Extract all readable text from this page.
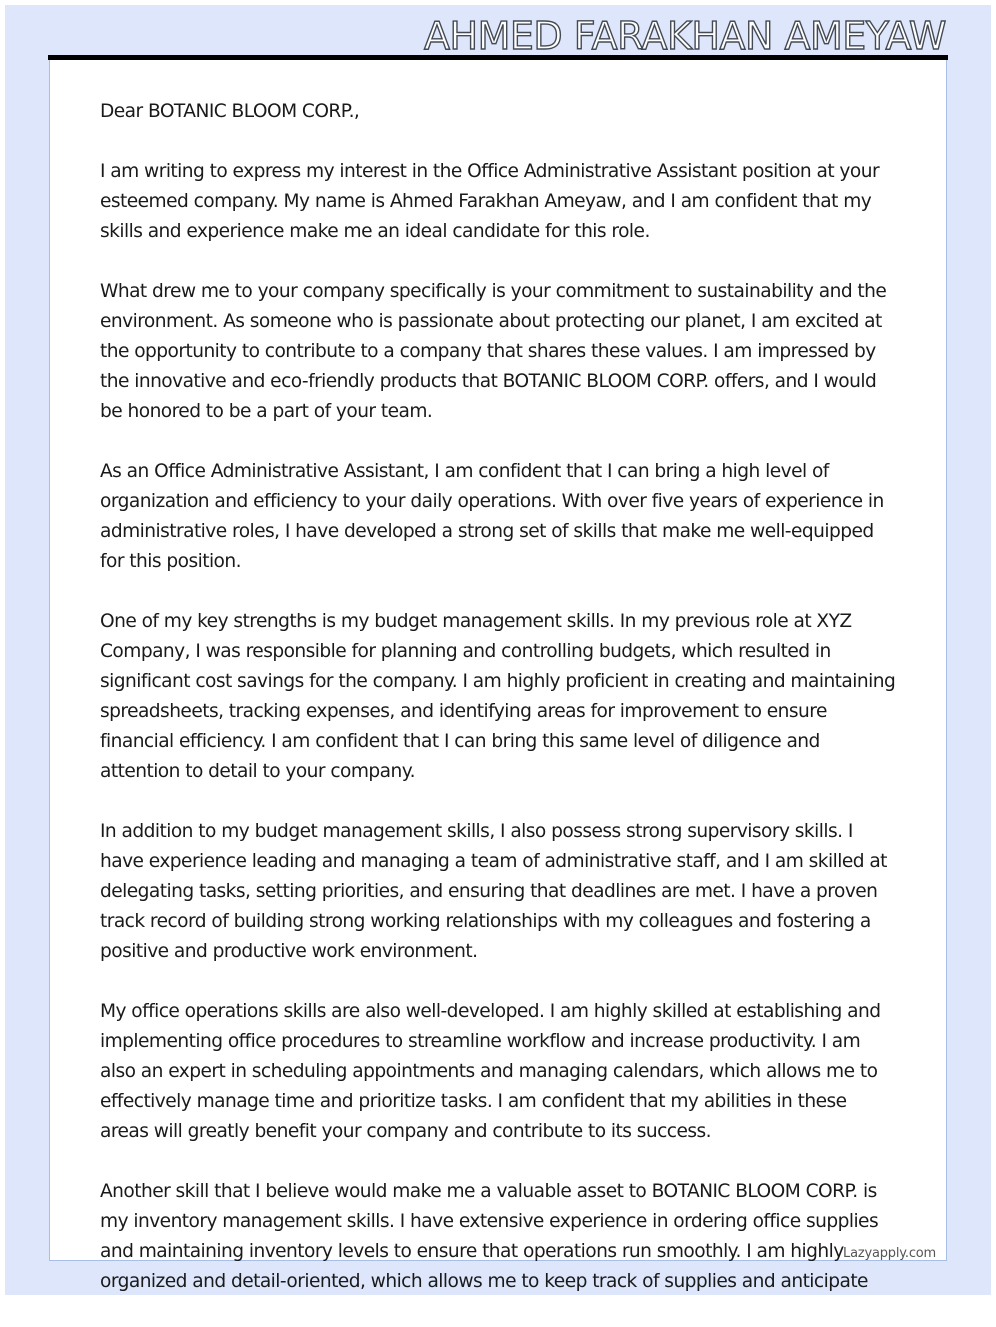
AHMED FARAKHAN AMEYAW

Dear BOTANIC BLOOM CORP.,

I am writing to express my interest in the Office Administrative Assistant position at your esteemed company. My name is Ahmed Farakhan Ameyaw, and I am confident that my skills and experience make me an ideal candidate for this role.

What drew me to your company specifically is your commitment to sustainability and the environment. As someone who is passionate about protecting our planet, I am excited at the opportunity to contribute to a company that shares these values. I am impressed by the innovative and eco-friendly products that BOTANIC BLOOM CORP. offers, and I would be honored to be a part of your team.

As an Office Administrative Assistant, I am confident that I can bring a high level of organization and efficiency to your daily operations. With over five years of experience in administrative roles, I have developed a strong set of skills that make me well-equipped for this position.

One of my key strengths is my budget management skills. In my previous role at XYZ Company, I was responsible for planning and controlling budgets, which resulted in significant cost savings for the company. I am highly proficient in creating and maintaining spreadsheets, tracking expenses, and identifying areas for improvement to ensure financial efficiency. I am confident that I can bring this same level of diligence and attention to detail to your company.

In addition to my budget management skills, I also possess strong supervisory skills. I have experience leading and managing a team of administrative staff, and I am skilled at delegating tasks, setting priorities, and ensuring that deadlines are met. I have a proven track record of building strong working relationships with my colleagues and fostering a positive and productive work environment.

My office operations skills are also well-developed. I am highly skilled at establishing and implementing office procedures to streamline workflow and increase productivity. I am also an expert in scheduling appointments and managing calendars, which allows me to effectively manage time and prioritize tasks. I am confident that my abilities in these areas will greatly benefit your company and contribute to its success.

Another skill that I believe would make me a valuable asset to BOTANIC BLOOM CORP. is my inventory management skills. I have extensive experience in ordering office supplies and maintaining inventory levels to ensure that operations run smoothly. I am highly organized and detail-oriented, which allows me to keep track of supplies and anticipate

Lazyapply.com
